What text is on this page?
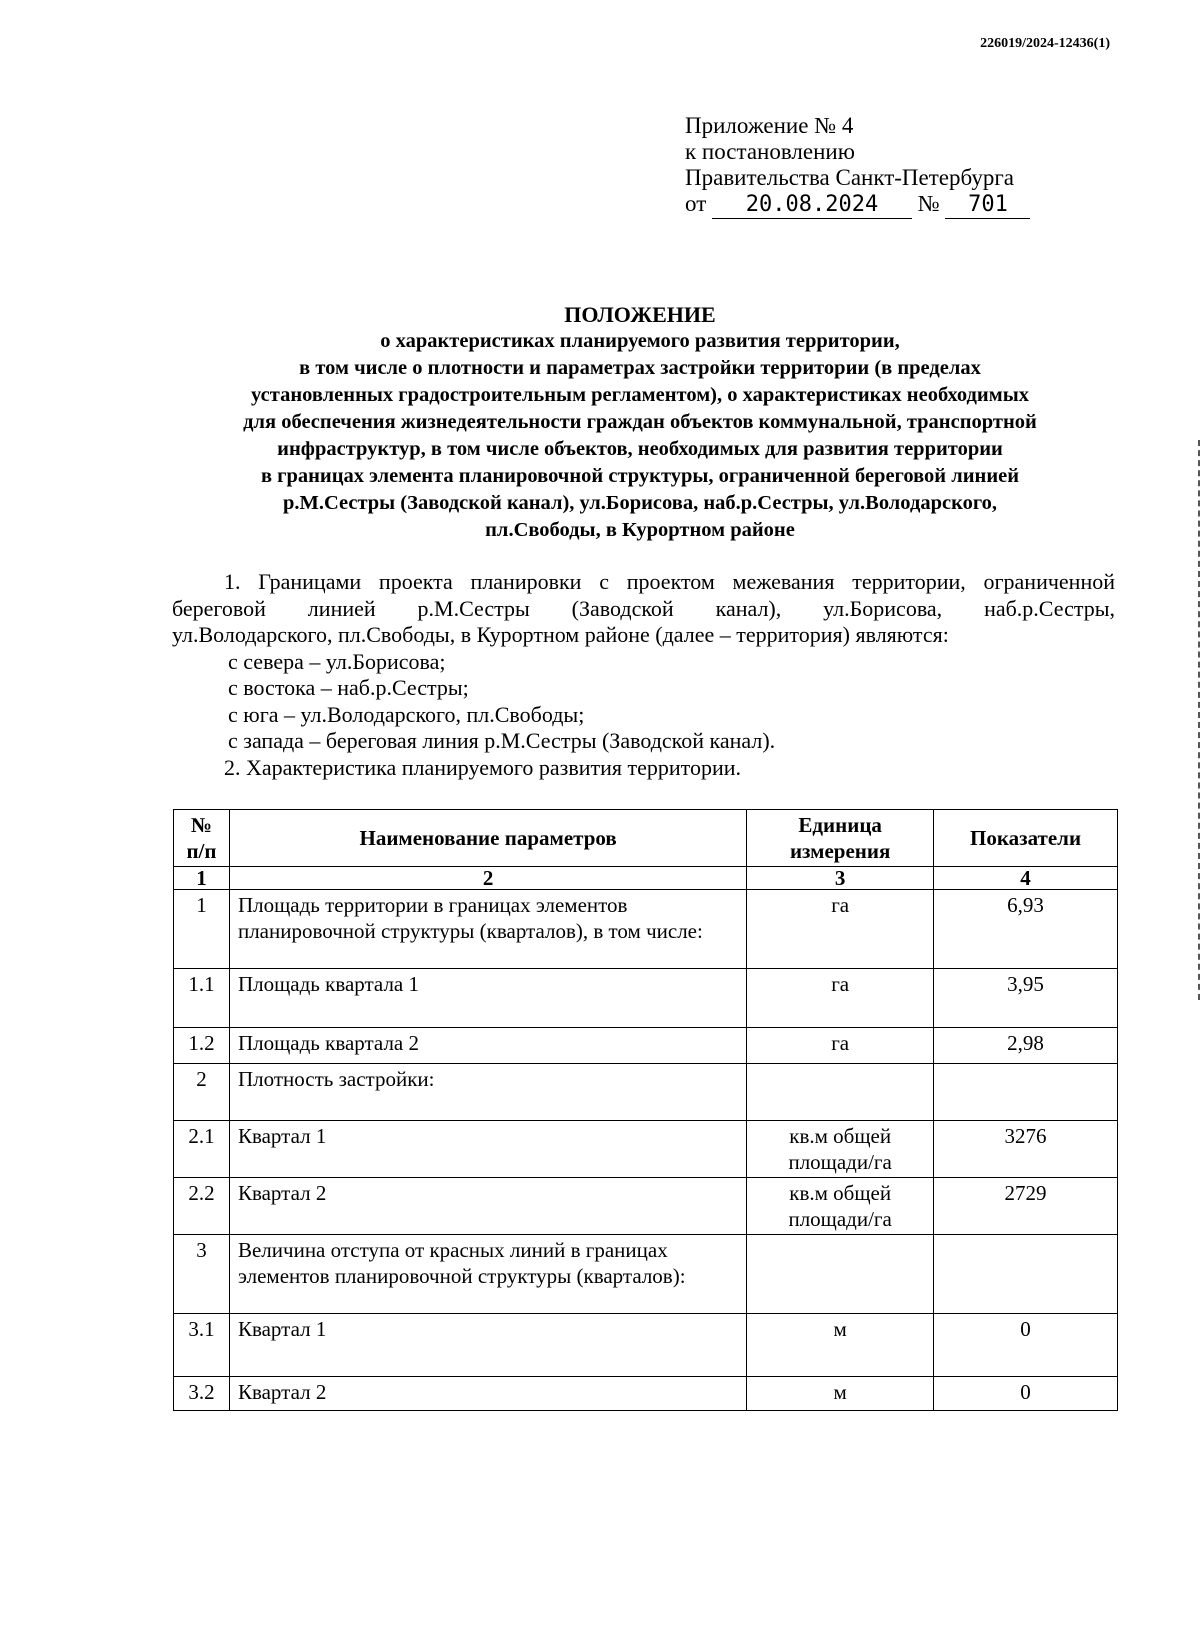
226019/2024-12436(1)
Приложение № 4
к постановлению
Правительства Санкт-Петербурга
от 20.08.2024 № 701
ПОЛОЖЕНИЕ
о характеристиках планируемого развития территории,
в том числе о плотности и параметрах застройки территории (в пределах
установленных градостроительным регламентом), о характеристиках необходимых
для обеспечения жизнедеятельности граждан объектов коммунальной, транспортной
инфраструктур, в том числе объектов, необходимых для развития территории
в границах элемента планировочной структуры, ограниченной береговой линией
р.М.Сестры (Заводской канал), ул.Борисова, наб.р.Сестры, ул.Володарского,
пл.Свободы, в Курортном районе

1. Границами проекта планировки с проектом межевания территории, ограниченной

береговой линией р.М.Сестры (Заводской канал), ул.Борисова, наб.р.Сестры,

ул.Володарского, пл.Свободы, в Курортном районе (далее – территория) являются:

с севера – ул.Борисова;

с востока – наб.р.Сестры;

с юга – ул.Володарского, пл.Свободы;

с запада – береговая линия р.М.Сестры (Заводской канал).

2. Характеристика планируемого развития территории.

№ п/п	Наименование параметров	Единица измерения	Показатели
1	2	3	4
1	Площадь территории в границах элементов планировочной структуры (кварталов), в том числе:	га	6,93
1.1	Площадь квартала 1	га	3,95
1.2	Площадь квартала 2	га	2,98
2	Плотность застройки:		
2.1	Квартал 1	кв.м общей площади/га	3276
2.2	Квартал 2	кв.м общей площади/га	2729
3	Величина отступа от красных линий в границах элементов планировочной структуры (кварталов):		
3.1	Квартал 1	м	0
3.2	Квартал 2	м	0
